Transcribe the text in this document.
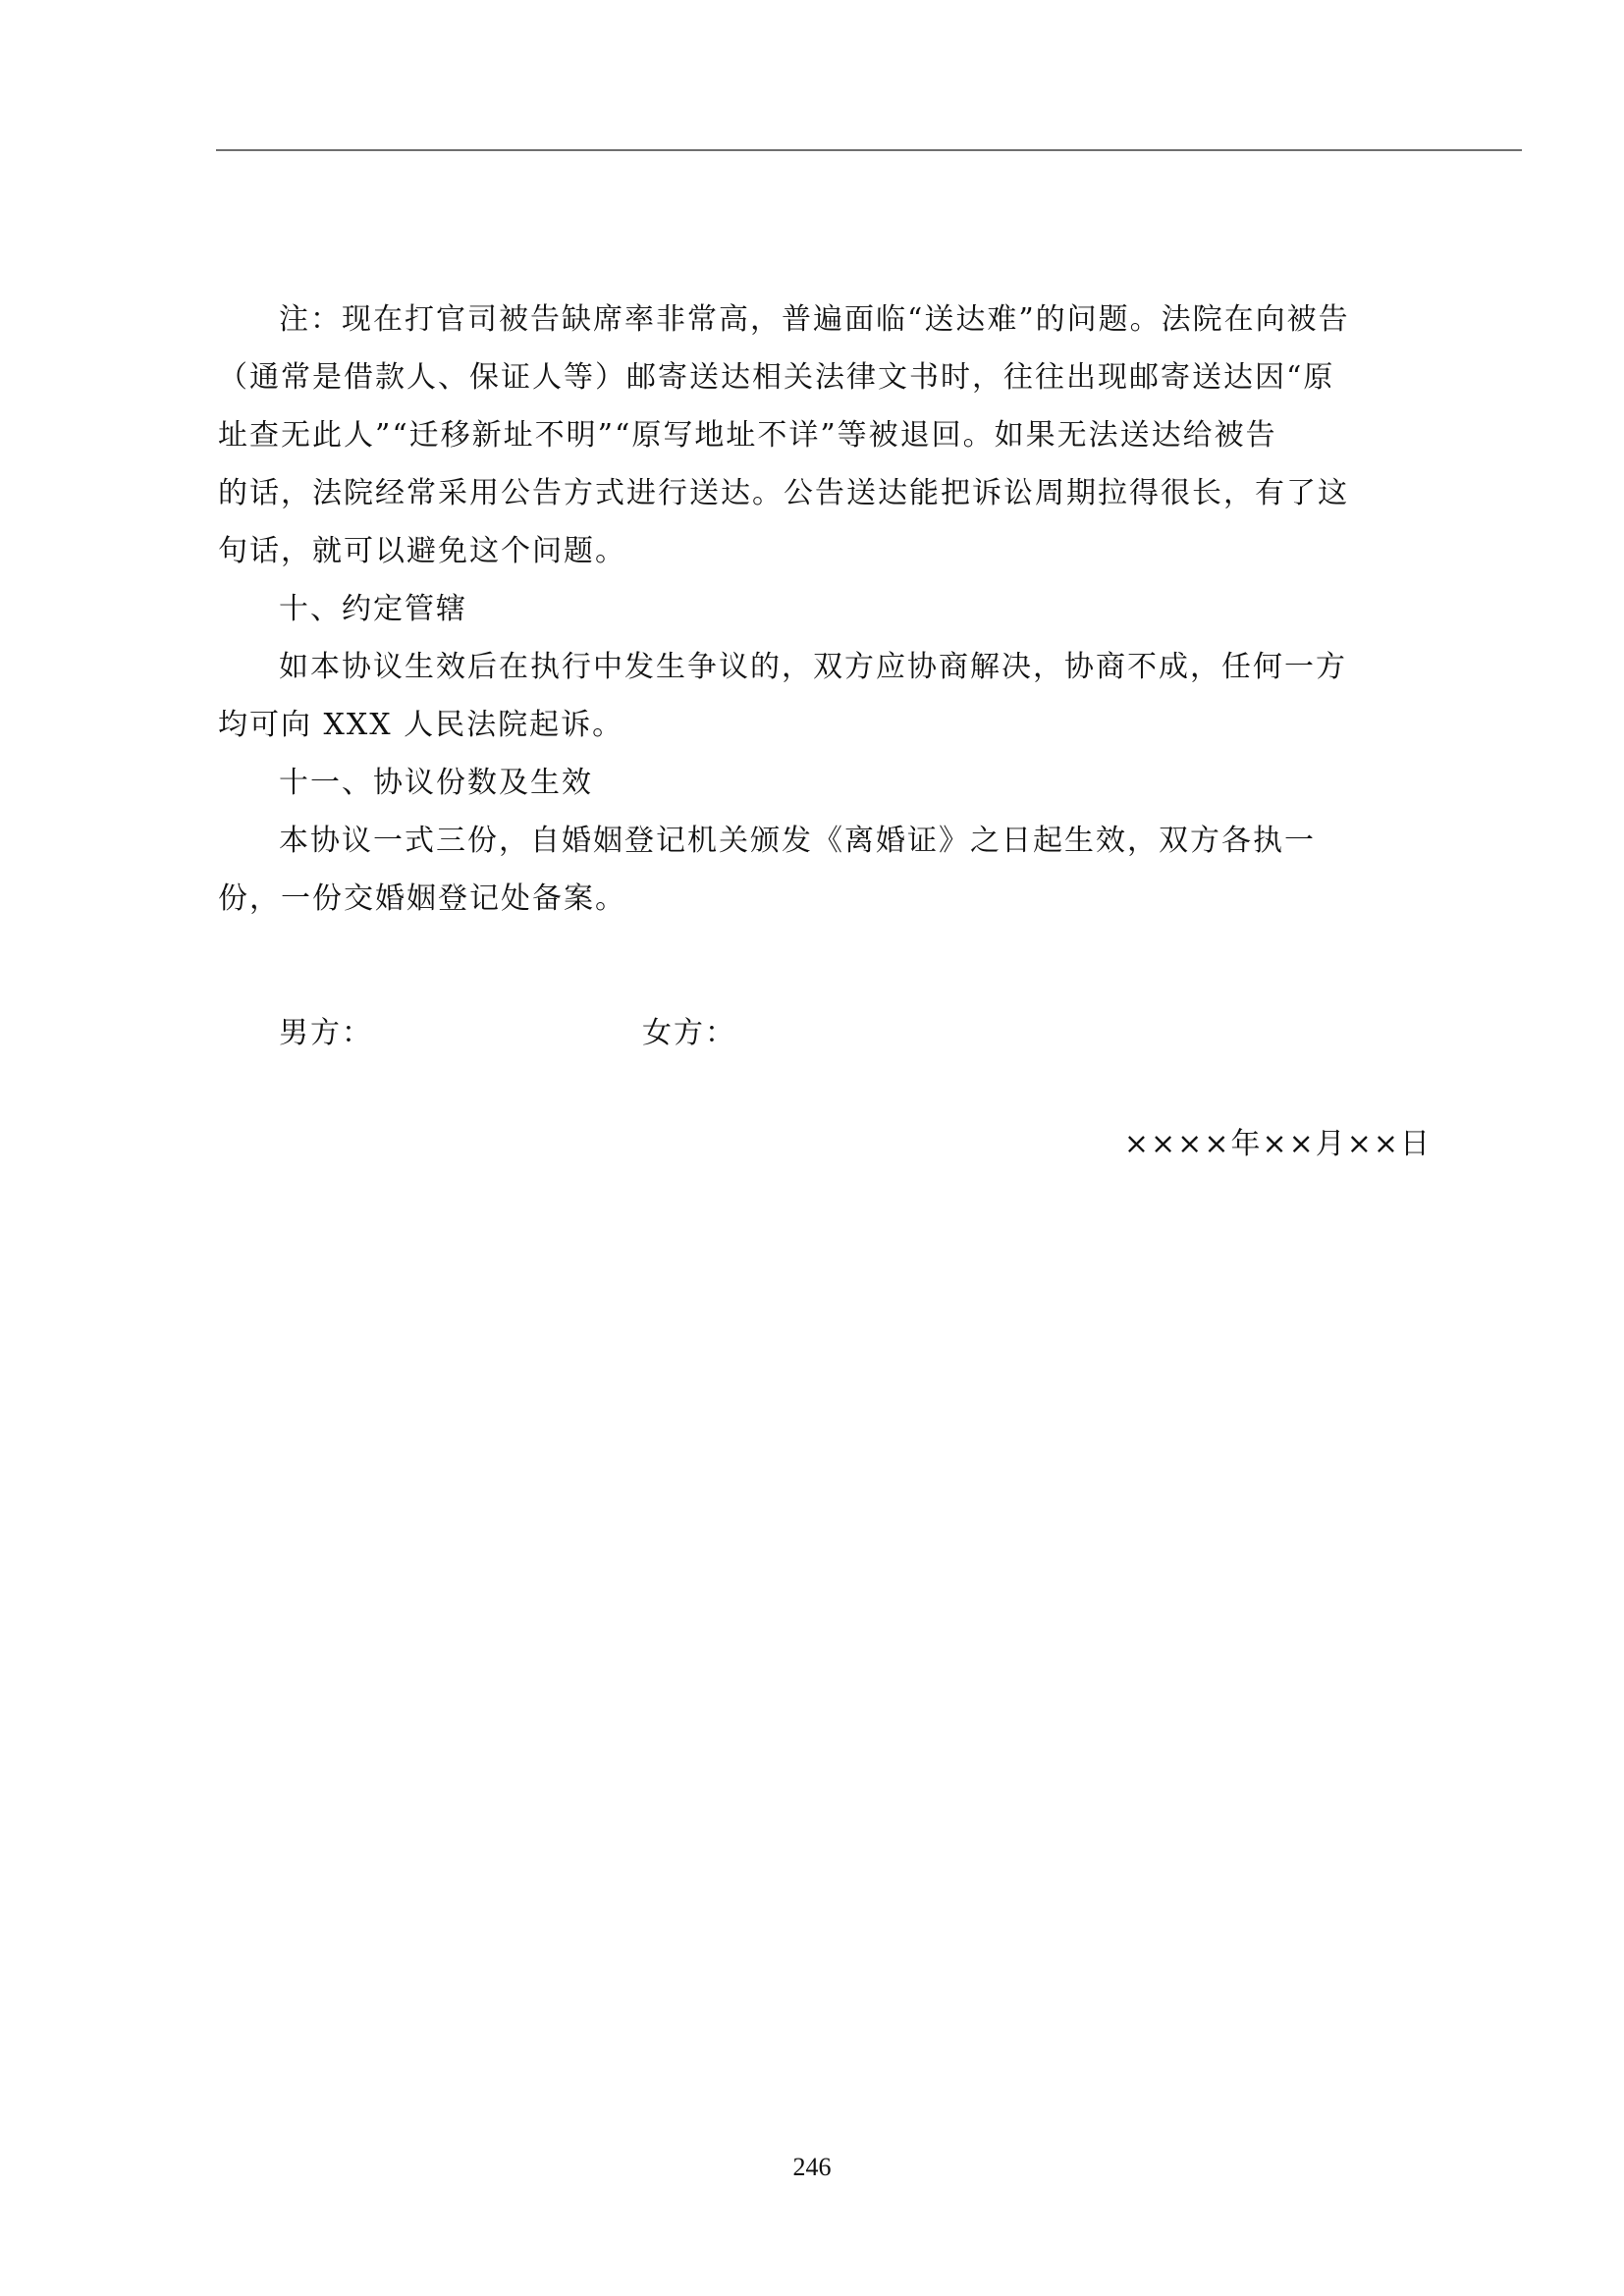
注：现在打官司被告缺席率非常高，普遍面临“送达难”的问题。法院在向被告
（通常是借款人、保证人等）邮寄送达相关法律文书时，往往出现邮寄送达因“原
址查无此人”“迁移新址不明”“原写地址不详”等被退回。如果无法送达给被告
的话，法院经常采用公告方式进行送达。公告送达能把诉讼周期拉得很长，有了这
句话，就可以避免这个问题。
十、约定管辖
如本协议生效后在执行中发生争议的，双方应协商解决，协商不成，任何一方
均可向 XXX 人民法院起诉。
十一、协议份数及生效
本协议一式三份，自婚姻登记机关颁发《离婚证》之日起生效，双方各执一
份，一份交婚姻登记处备案。
男方：	女方：
××××年××月××日
246
